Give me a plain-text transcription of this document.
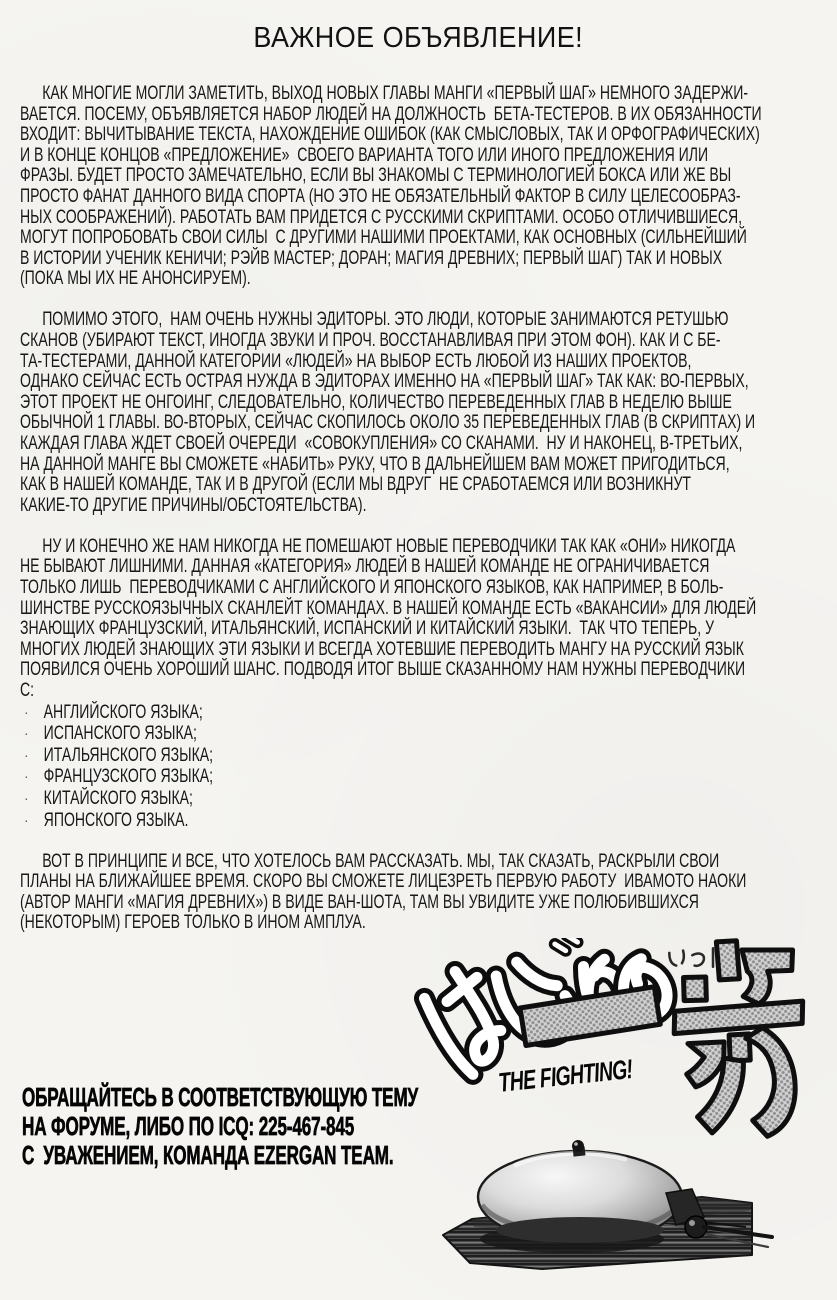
ВАЖНОЕ ОБЪЯВЛЕНИЕ!
КАК МНОГИЕ МОГЛИ ЗАМЕТИТЬ, ВЫХОД НОВЫХ ГЛАВЫ МАНГИ «ПЕРВЫЙ ШАГ» НЕМНОГО ЗАДЕРЖИ-
ВАЕТСЯ. ПОСЕМУ, ОБЪЯВЛЯЕТСЯ НАБОР ЛЮДЕЙ НА ДОЛЖНОСТЬ  БЕТА-ТЕСТЕРОВ. В ИХ ОБЯЗАННОСТИ
ВХОДИТ: ВЫЧИТЫВАНИЕ ТЕКСТА, НАХОЖДЕНИЕ ОШИБОК (КАК СМЫСЛОВЫХ, ТАК И ОРФОГРАФИЧЕСКИХ)
И В КОНЦЕ КОНЦОВ «ПРЕДЛОЖЕНИЕ»  СВОЕГО ВАРИАНТА ТОГО ИЛИ ИНОГО ПРЕДЛОЖЕНИЯ ИЛИ
ФРАЗЫ. БУДЕТ ПРОСТО ЗАМЕЧАТЕЛЬНО, ЕСЛИ ВЫ ЗНАКОМЫ С ТЕРМИНОЛОГИЕЙ БОКСА ИЛИ ЖЕ ВЫ
ПРОСТО ФАНАТ ДАННОГО ВИДА СПОРТА (НО ЭТО НЕ ОБЯЗАТЕЛЬНЫЙ ФАКТОР В СИЛУ ЦЕЛЕСООБРАЗ-
НЫХ СООБРАЖЕНИЙ). РАБОТАТЬ ВАМ ПРИДЕТСЯ С РУССКИМИ СКРИПТАМИ. ОСОБО ОТЛИЧИВШИЕСЯ,
МОГУТ ПОПРОБОВАТЬ СВОИ СИЛЫ  С ДРУГИМИ НАШИМИ ПРОЕКТАМИ, КАК ОСНОВНЫХ (СИЛЬНЕЙШИЙ
В ИСТОРИИ УЧЕНИК КЕНИЧИ; РЭЙВ МАСТЕР; ДОРАН; МАГИЯ ДРЕВНИХ; ПЕРВЫЙ ШАГ) ТАК И НОВЫХ
(ПОКА МЫ ИХ НЕ АНОНСИРУЕМ).
ПОМИМО ЭТОГО,  НАМ ОЧЕНЬ НУЖНЫ ЭДИТОРЫ. ЭТО ЛЮДИ, КОТОРЫЕ ЗАНИМАЮТСЯ РЕТУШЬЮ
СКАНОВ (УБИРАЮТ ТЕКСТ, ИНОГДА ЗВУКИ И ПРОЧ. ВОССТАНАВЛИВАЯ ПРИ ЭТОМ ФОН). КАК И С БЕ-
ТА-ТЕСТЕРАМИ, ДАННОЙ КАТЕГОРИИ «ЛЮДЕЙ» НА ВЫБОР ЕСТЬ ЛЮБОЙ ИЗ НАШИХ ПРОЕКТОВ,
ОДНАКО СЕЙЧАС ЕСТЬ ОСТРАЯ НУЖДА В ЭДИТОРАХ ИМЕННО НА «ПЕРВЫЙ ШАГ» ТАК КАК: ВО-ПЕРВЫХ,
ЭТОТ ПРОЕКТ НЕ ОНГОИНГ, СЛЕДОВАТЕЛЬНО, КОЛИЧЕСТВО ПЕРЕВЕДЕННЫХ ГЛАВ В НЕДЕЛЮ ВЫШЕ
ОБЫЧНОЙ 1 ГЛАВЫ. ВО-ВТОРЫХ, СЕЙЧАС СКОПИЛОСЬ ОКОЛО 35 ПЕРЕВЕДЕННЫХ ГЛАВ (В СКРИПТАХ) И
КАЖДАЯ ГЛАВА ЖДЕТ СВОЕЙ ОЧЕРЕДИ  «СОВОКУПЛЕНИЯ» СО СКАНАМИ.  НУ И НАКОНЕЦ, В-ТРЕТЬИХ,
НА ДАННОЙ МАНГЕ ВЫ СМОЖЕТЕ «НАБИТЬ» РУКУ, ЧТО В ДАЛЬНЕЙШЕМ ВАМ МОЖЕТ ПРИГОДИТЬСЯ,
КАК В НАШЕЙ КОМАНДЕ, ТАК И В ДРУГОЙ (ЕСЛИ МЫ ВДРУГ  НЕ СРАБОТАЕМСЯ ИЛИ ВОЗНИКНУТ
КАКИЕ-ТО ДРУГИЕ ПРИЧИНЫ/ОБСТОЯТЕЛЬСТВА).
НУ И КОНЕЧНО ЖЕ НАМ НИКОГДА НЕ ПОМЕШАЮТ НОВЫЕ ПЕРЕВОДЧИКИ ТАК КАК «ОНИ» НИКОГДА
НЕ БЫВАЮТ ЛИШНИМИ. ДАННАЯ «КАТЕГОРИЯ» ЛЮДЕЙ В НАШЕЙ КОМАНДЕ НЕ ОГРАНИЧИВАЕТСЯ
ТОЛЬКО ЛИШЬ  ПЕРЕВОДЧИКАМИ С АНГЛИЙСКОГО И ЯПОНСКОГО ЯЗЫКОВ, КАК НАПРИМЕР, В БОЛЬ-
ШИНСТВЕ РУССКОЯЗЫЧНЫХ СКАНЛЕЙТ КОМАНДАХ. В НАШЕЙ КОМАНДЕ ЕСТЬ «ВАКАНСИИ» ДЛЯ ЛЮДЕЙ
ЗНАЮЩИХ ФРАНЦУЗСКИЙ, ИТАЛЬЯНСКИЙ, ИСПАНСКИЙ И КИТАЙСКИЙ ЯЗЫКИ.  ТАК ЧТО ТЕПЕРЬ, У
МНОГИХ ЛЮДЕЙ ЗНАЮЩИХ ЭТИ ЯЗЫКИ И ВСЕГДА ХОТЕВШИЕ ПЕРЕВОДИТЬ МАНГУ НА РУССКИЙ ЯЗЫК
ПОЯВИЛСЯ ОЧЕНЬ ХОРОШИЙ ШАНС. ПОДВОДЯ ИТОГ ВЫШЕ СКАЗАННОМУ НАМ НУЖНЫ ПЕРЕВОДЧИКИ
С:
· АНГЛИЙСКОГО ЯЗЫКА;
· ИСПАНСКОГО ЯЗЫКА;
· ИТАЛЬЯНСКОГО ЯЗЫКА;
· ФРАНЦУЗСКОГО ЯЗЫКА;
· КИТАЙСКОГО ЯЗЫКА;
· ЯПОНСКОГО ЯЗЫКА.
ВОТ В ПРИНЦИПЕ И ВСЕ, ЧТО ХОТЕЛОСЬ ВАМ РАССКАЗАТЬ. МЫ, ТАК СКАЗАТЬ, РАСКРЫЛИ СВОИ
ПЛАНЫ НА БЛИЖАЙШЕЕ ВРЕМЯ. СКОРО ВЫ СМОЖЕТЕ ЛИЦЕЗРЕТЬ ПЕРВУЮ РАБОТУ  ИВАМОТО НАОКИ
(АВТОР МАНГИ «МАГИЯ ДРЕВНИХ») В ВИДЕ ВАН-ШОТА, ТАМ ВЫ УВИДИТЕ УЖЕ ПОЛЮБИВШИХСЯ
(НЕКОТОРЫМ) ГЕРОЕВ ТОЛЬКО В ИНОМ АМПЛУА.
ОБРАЩАЙТЕСЬ В СООТВЕТСТВУЮЩУЮ ТЕМУ
НА ФОРУМЕ, ЛИБО ПО ICQ: 225-467-845
С  УВАЖЕНИЕМ, КОМАНДА EZERGAN TEAM.
THE FIGHTING!
